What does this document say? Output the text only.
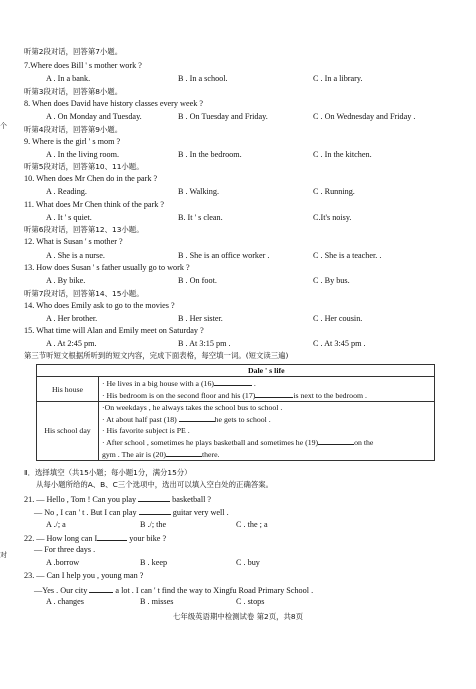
个
对
听第2段对话，回答第7小题。
7.Where does Bill ' s mother work ?
A . In a bank.	B . In a school.	C . In a library.
听第3段对话，回答第8小题。
8. When does David have history classes every week ?
A . On Monday and Tuesday.	B . On Tuesday and Friday.	C . On Wednesday and Friday .
听第4段对话，回答第9小题。
9. Where is the girl ' s mom ?
A . In the living room.	B . In the bedroom.	C . In the kitchen.
听第5段对话，回答第10、11小题。
10. When does Mr Chen do in the park ?
A . Reading.	B . Walking.	C . Running.
11. What does Mr Chen think of the park ?
A . It ' s quiet.	B. It ' s clean.	C.It's noisy.
听第6段对话，回答第12、13小题。
12. What is Susan ' s mother ?
A . She is a nurse.	B . She is an office worker .	C . She is a teacher. .
13. How does Susan ' s father usually go to work ?
A . By bike.	B . On foot.	C . By bus.
听第7段对话，回答第14、15小题。
14. Who does Emily ask to go to the movies ?
A . Her brother.	B . Her sister.	C . Her cousin.
15. What time will Alan and Emily meet on Saturday ?
A . At 2:45 pm.	B . At 3:15 pm .	C . At 3:45 pm .
第三节听短文根据所听到的短文内容，完成下面表格，每空填一词。(短文读三遍)
	Dale ' s life
His house	· He lives in a big house with a (16) .
· His bedroom is on the second floor and his (17) is next to the bedroom .

His school day	·On weekdays , he always takes the school bus to school .
· At about half past (18) he gets to school .
· His favorite subject is PE .
· After school , sometimes he plays basketball and sometimes he (19) on the
gym . The air is (20) there.
Ⅱ．选择填空（共15小题；每小题1分，满分15分）
从每小题所给的A、B、C三个选项中，选出可以填入空白处的正确答案。
21. — Hello , Tom ! Can you play	basketball ?
— No , I can ' t . But I can play	guitar very well .
A ./; a	B ./; the	C . the ; a
22. — How long can I	your bike ?
— For three days .
A .borrow	B . keep	C . buy
23. — Can I help you , young man ?
—Yes . Our city	a lot . I can ' t find the way to Xingfu Road Primary School .
A . changes	B . misses	C . stops
七年级英语期中检测试卷 第2页，共8页
